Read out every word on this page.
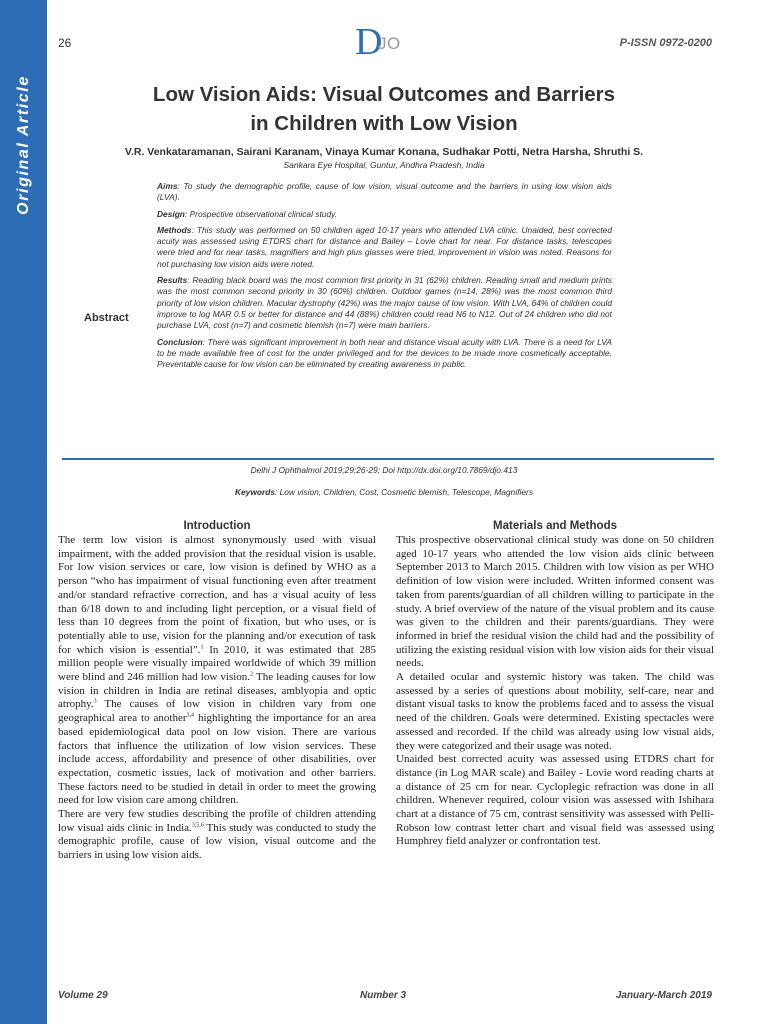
Original Article
26	D
JO	P-ISSN 0972-0200
Low Vision Aids: Visual Outcomes and Barriers
in Children with Low Vision
V.R. Venkataramanan, Sairani Karanam, Vinaya Kumar Konana, Sudhakar Potti, Netra Harsha, Shruthi S.
Sankara Eye Hospital, Guntur, Andhra Pradesh, India
Abstract

Aims: To study the demographic profile, cause of low vision, visual outcome and the barriers in using low vision aids (LVA).

Design: Prospective observational clinical study.

Methods: This study was performed on 50 children aged 10-17 years who attended LVA clinic. Unaided, best corrected acuity was assessed using ETDRS chart for distance and Bailey – Lovie chart for near. For distance tasks, telescopes were tried and for near tasks, magnifiers and high plus glasses were tried, improvement in vision was noted. Reasons for not purchasing low vision aids were noted.

Results: Reading black board was the most common first priority in 31 (62%) children. Reading small and medium prints was the most common second priority in 30 (60%) children. Outdoor games (n=14, 28%) was the most common third priority of low vision children. Macular dystrophy (42%) was the major cause of low vision. With LVA, 64% of children could improve to log MAR 0.5 or better for distance and 44 (88%) children could read N6 to N12. Out of 24 children who did not purchase LVA, cost (n=7) and cosmetic blemish (n=7) were main barriers.

Conclusion: There was significant improvement in both near and distance visual acuity with LVA. There is a need for LVA to be made available free of cost for the under privileged and for the devices to be made more cosmetically acceptable. Preventable cause for low vision can be eliminated by creating awareness in public.

Delhi J Ophthalmol 2019;29;26-29; Doi http://dx.doi.org/10.7869/djo.413
Keywords: Low vision, Children, Cost, Cosmetic blemish, Telescope, Magnifiers
Introduction

The term low vision is almost synonymously used with visual impairment, with the added provision that the residual vision is usable. For low vision services or care, low vision is defined by WHO as a person “who has impairment of visual functioning even after treatment and/or standard refractive correction, and has a visual acuity of less than 6/18 down to and including light perception, or a visual field of less than 10 degrees from the point of fixation, but who uses, or is potentially able to use, vision for the planning and/or execution of task for which vision is essential”.$^1$ In 2010, it was estimated that 285 million people were visually impaired worldwide of which 39 million were blind and 246 million had low vision.$^2$ The leading causes for low vision in children in India are retinal diseases, amblyopia and optic atrophy.$^3$ The causes of low vision in children vary from one geographical area to another$^{3,4}$ highlighting the importance for an area based epidemiological data pool on low vision. There are various factors that influence the utilization of low vision services. These include access, affordability and presence of other disabilities, over expectation, cosmetic issues, lack of motivation and other barriers. These factors need to be studied in detail in order to meet the growing need for low vision care among children.

There are very few studies describing the profile of children attending low visual aids clinic in India.$^{3,5,6}$ This study was conducted to study the demographic profile, cause of low vision, visual outcome and the barriers in using low vision aids.

Materials and Methods

This prospective observational clinical study was done on 50 children aged 10-17 years who attended the low vision aids clinic between September 2013 to March 2015. Children with low vision as per WHO definition of low vision were included. Written informed consent was taken from parents/guardian of all children willing to participate in the study. A brief overview of the nature of the visual problem and its cause was given to the children and their parents/guardians. They were informed in brief the residual vision the child had and the possibility of utilizing the existing residual vision with low vision aids for their visual needs.

A detailed ocular and systemic history was taken. The child was assessed by a series of questions about mobility, self-care, near and distant visual tasks to know the problems faced and to assess the visual need of the children. Goals were determined. Existing spectacles were assessed and recorded. If the child was already using low visual aids, they were categorized and their usage was noted.

Unaided best corrected acuity was assessed using ETDRS chart for distance (in Log MAR scale) and Bailey - Lovie word reading charts at a distance of 25 cm for near. Cycloplegic refraction was done in all children. Whenever required, colour vision was assessed with Ishihara chart at a distance of 75 cm, contrast sensitivity was assessed with Pelli-Robson low contrast letter chart and visual field was assessed using Humphrey field analyzer or confrontation test.

Volume 29	Number 3	January-March 2019
